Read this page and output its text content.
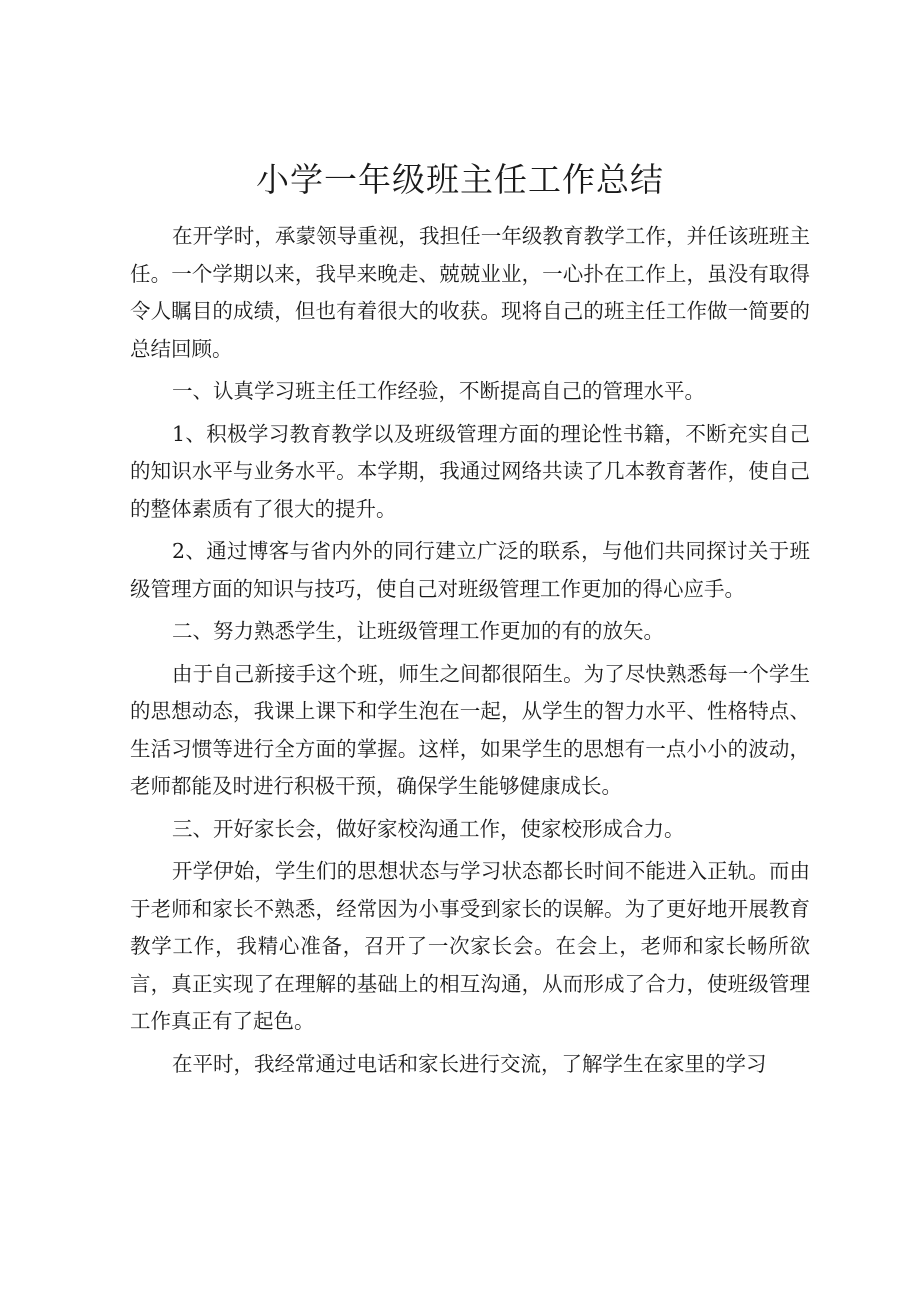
小学一年级班主任工作总结

在开学时，承蒙领导重视，我担任一年级教育教学工作，并任该班班主任。一个学期以来，我早来晚走、兢兢业业，一心扑在工作上，虽没有取得令人瞩目的成绩，但也有着很大的收获。现将自己的班主任工作做一简要的总结回顾。

一、认真学习班主任工作经验，不断提高自己的管理水平。

1、积极学习教育教学以及班级管理方面的理论性书籍，不断充实自己的知识水平与业务水平。本学期，我通过网络共读了几本教育著作，使自己的整体素质有了很大的提升。

2、通过博客与省内外的同行建立广泛的联系，与他们共同探讨关于班级管理方面的知识与技巧，使自己对班级管理工作更加的得心应手。

二、努力熟悉学生，让班级管理工作更加的有的放矢。

由于自己新接手这个班，师生之间都很陌生。为了尽快熟悉每一个学生的思想动态，我课上课下和学生泡在一起，从学生的智力水平、性格特点、生活习惯等进行全方面的掌握。这样，如果学生的思想有一点小小的波动，老师都能及时进行积极干预，确保学生能够健康成长。

三、开好家长会，做好家校沟通工作，使家校形成合力。

开学伊始，学生们的思想状态与学习状态都长时间不能进入正轨。而由于老师和家长不熟悉，经常因为小事受到家长的误解。为了更好地开展教育教学工作，我精心准备，召开了一次家长会。在会上，老师和家长畅所欲言，真正实现了在理解的基础上的相互沟通，从而形成了合力，使班级管理工作真正有了起色。

在平时，我经常通过电话和家长进行交流，了解学生在家里的学习
